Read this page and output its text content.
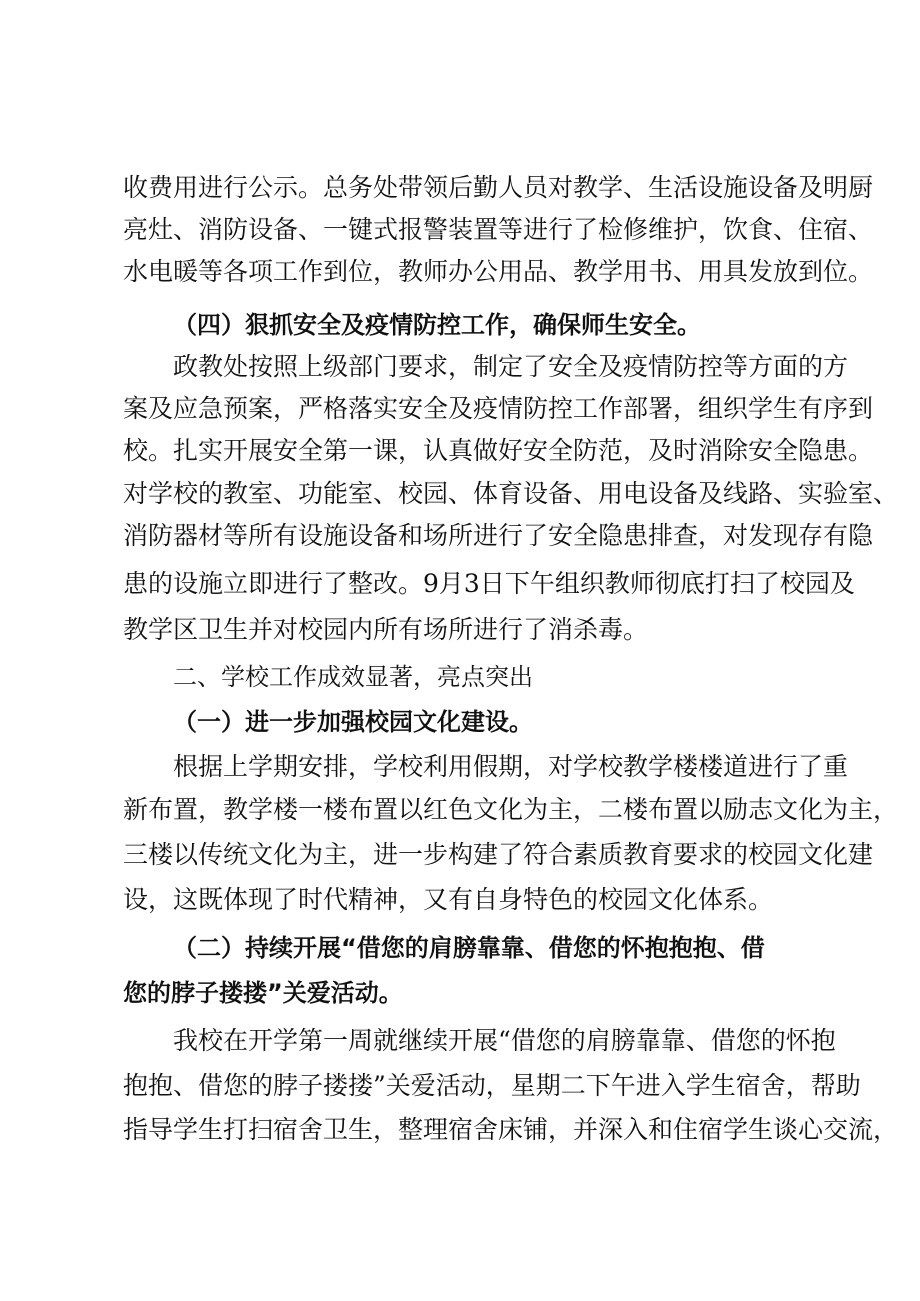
收费用进行公示。总务处带领后勤人员对教学、生活设施设备及明厨

亮灶、消防设备、一键式报警装置等进行了检修维护，饮食、住宿、

水电暖等各项工作到位，教师办公用品、教学用书、用具发放到位。

（四）狠抓安全及疫情防控工作，确保师生安全。

政教处按照上级部门要求，制定了安全及疫情防控等方面的方

案及应急预案，严格落实安全及疫情防控工作部署，组织学生有序到

校。扎实开展安全第一课，认真做好安全防范，及时消除安全隐患。

对学校的教室、功能室、校园、体育设备、用电设备及线路、实验室、

消防器材等所有设施设备和场所进行了安全隐患排查，对发现存有隐

患的设施立即进行了整改。9月3日下午组织教师彻底打扫了校园及

教学区卫生并对校园内所有场所进行了消杀毒。

二、学校工作成效显著，亮点突出

（一）进一步加强校园文化建设。

根据上学期安排，学校利用假期，对学校教学楼楼道进行了重

新布置，教学楼一楼布置以红色文化为主，二楼布置以励志文化为主，

三楼以传统文化为主，进一步构建了符合素质教育要求的校园文化建

设，这既体现了时代精神，又有自身特色的校园文化体系。

（二）持续开展“借您的肩膀靠靠、借您的怀抱抱抱、借

您的脖子搂搂”关爱活动。

我校在开学第一周就继续开展“借您的肩膀靠靠、借您的怀抱

抱抱、借您的脖子搂搂”关爱活动，星期二下午进入学生宿舍，帮助

指导学生打扫宿舍卫生，整理宿舍床铺，并深入和住宿学生谈心交流，
